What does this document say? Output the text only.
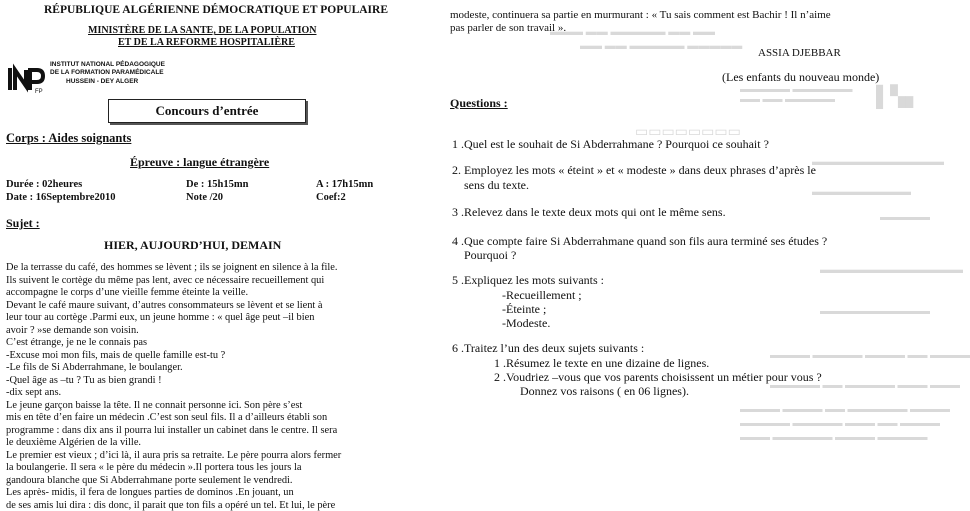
RÉPUBLIQUE ALGÉRIENNE DÉMOCRATIQUE ET POPULAIRE
MINISTÈRE DE LA SANTE, DE LA POPULATION
ET DE LA REFORME HOSPITALIÈRE
FP
INSTITUT NATIONAL PÉDAGOGIQUE
DE LA FORMATION PARAMÉDICALE
HUSSEIN - DEY ALGER
Concours d’entrée
Corps : Aides soignants
Épreuve : langue étrangère
Durée : 02heures	De : 15h15mn	A : 17h15mn
Date : 16Septembre2010	Note /20	Coef:2
Sujet :
HIER, AUJOURD’HUI, DEMAIN
De la terrasse du café, des hommes se lèvent ; ils se joignent en silence à la file.
Ils suivent le cortège du même pas lent, avec ce nécessaire recueillement qui
accompagne le corps d’une vieille femme éteinte la veille.
Devant le café maure suivant, d’autres consommateurs se lèvent et se lient à
leur tour au cortège .Parmi eux, un jeune homme : « quel âge peut –il bien
avoir ? »se demande son voisin.
C’est étrange, je ne le connais pas
-Excuse moi mon fils, mais de quelle famille est-tu ?
-Le fils de Si Abderrahmane, le boulanger.
-Quel âge as –tu ? Tu as bien grandi !
-dix sept ans.
Le jeune garçon baisse la tête. Il ne connait personne ici. Son père s’est
mis en tête d’en faire un médecin .C’est son seul fils. Il a d’ailleurs établi son
programme : dans dix ans il pourra lui installer un cabinet dans le centre. Il sera
le deuxième Algérien de la ville.
Le premier est vieux ; d’ici là, il aura pris sa retraite. Le père pourra alors fermer
la boulangerie. Il sera « le père du médecin ».Il portera tous les jours la
gandoura blanche que Si Abderrahmane porte seulement le vendredi.
Les après- midis, il fera de longues parties de dominos .En jouant, un
de ses amis lui dira : dis donc, il parait que ton fils a opéré un tel. Et lui, le père
▬▬▬ ▬▬ ▬▬▬▬▬ ▬▬ ▬▬
▬▬ ▬▬ ▬▬▬▬▬ ▬▬▬▬▬
▬▬▬▬▬ ▬▬▬▬▬▬
▬▬ ▬▬ ▬▬▬▬▬ ▌▚▖
▭▭▭▭▭▭▭▭
▬▬▬▬▬▬▬▬▬▬▬▬
▬▬▬▬▬▬▬▬▬
▬▬▬▬▬
▬▬▬▬▬▬▬▬▬▬▬▬▬
▬▬▬▬▬▬▬▬▬▬▬
▬▬▬▬ ▬▬▬▬▬ ▬▬▬▬ ▬▬ ▬▬▬▬
▬▬▬▬▬ ▬▬ ▬▬▬▬▬ ▬▬▬ ▬▬▬
▬▬▬▬ ▬▬▬▬ ▬▬ ▬▬▬▬▬▬ ▬▬▬▬
▬▬▬▬▬ ▬▬▬▬▬ ▬▬▬ ▬▬ ▬▬▬▬
▬▬▬ ▬▬▬▬▬▬ ▬▬▬▬ ▬▬▬▬▬
modeste, continuera sa partie en murmurant : « Tu sais comment est Bachir ! Il n’aime
pas parler de son travail ».
ASSIA DJEBBAR
(Les enfants du nouveau monde)
Questions :
1 .Quel est le souhait de Si Abderrahmane ? Pourquoi ce souhait ?
2. Employez les mots « éteint » et « modeste » dans deux phrases d’après le
sens du texte.
3 .Relevez dans le texte deux mots qui ont le même sens.
4 .Que compte faire Si Abderrahmane quand son fils aura terminé ses études ?
Pourquoi ?
5 .Expliquez les mots suivants :
-Recueillement ;
-Éteinte ;
-Modeste.
6 .Traitez l’un des deux sujets suivants :
1 .Résumez le texte en une dizaine de lignes.
2 .Voudriez –vous que vos parents choisissent un métier pour vous ?
Donnez vos raisons ( en 06 lignes).
